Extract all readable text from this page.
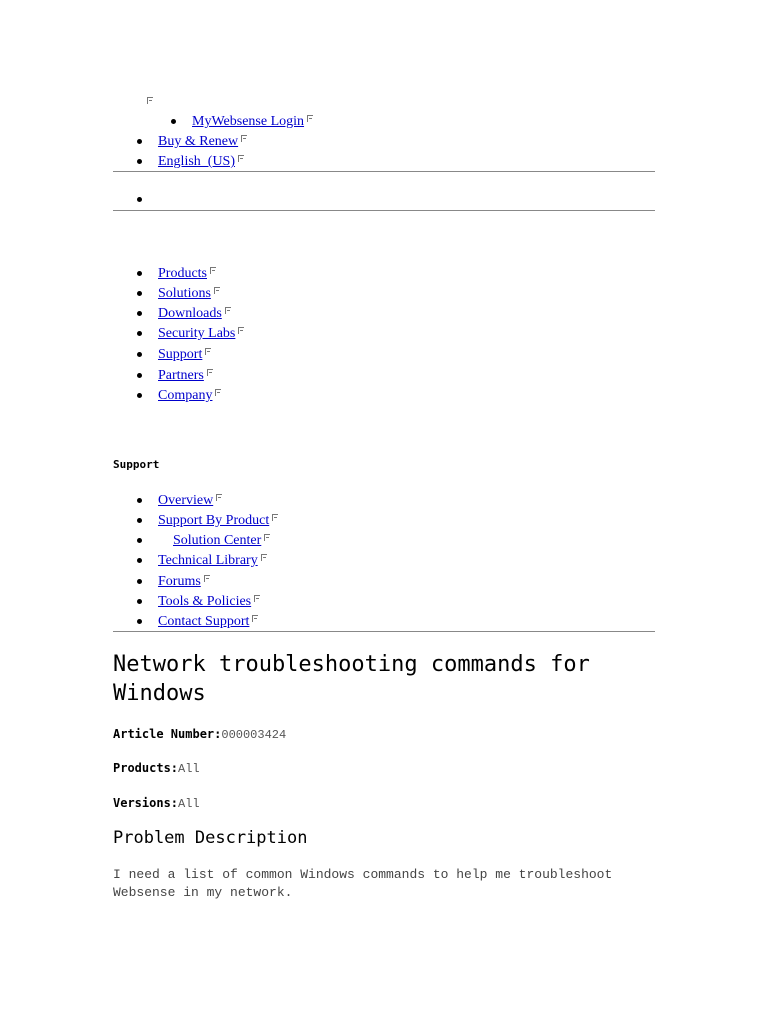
MyWebsense Login
Buy & Renew
English  (US)
Products
Solutions
Downloads
Security Labs
Support
Partners
Company
Support
Overview
Support By Product
Solution Center
Technical Library
Forums
Tools & Policies
Contact Support
Network troubleshooting commands for Windows
Article Number:000003424
Products:All
Versions:All
Problem Description

I need a list of common Windows commands to help me troubleshoot Websense in my network.
